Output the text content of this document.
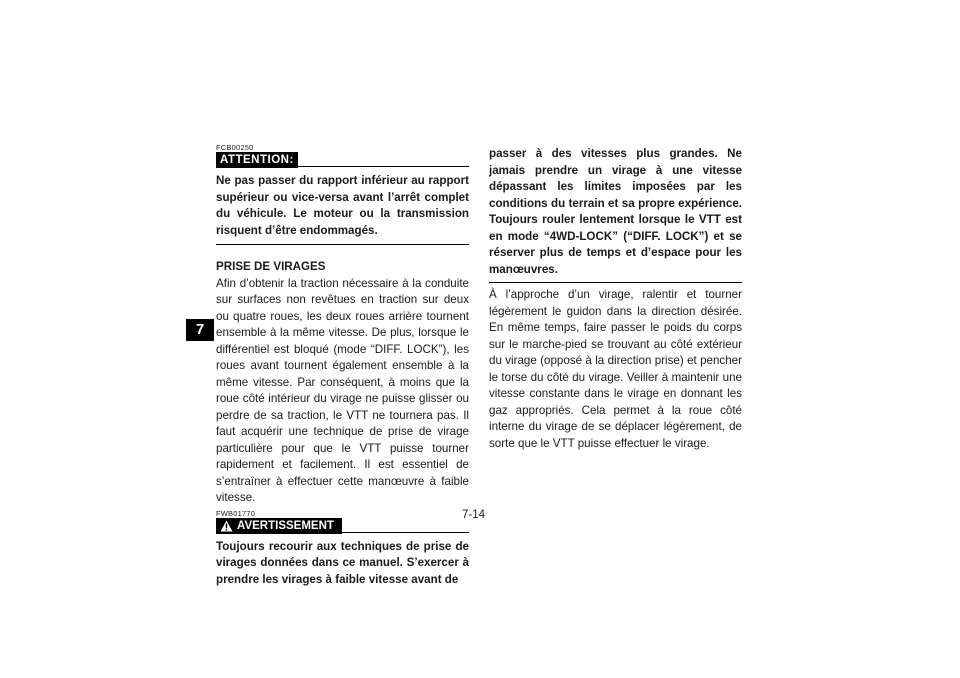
7

FCB00250

ATTENTION:

Ne pas passer du rapport inférieur au rapport supérieur ou vice-versa avant l’arrêt complet du véhicule. Le moteur ou la transmission risquent d’être endommagés.

PRISE DE VIRAGES

Afin d’obtenir la traction nécessaire à la conduite sur surfaces non revêtues en traction sur deux ou quatre roues, les deux roues arrière tournent ensemble à la même vitesse. De plus, lorsque le différentiel est bloqué (mode “DIFF. LOCK”), les roues avant tournent également ensemble à la même vitesse. Par conséquent, à moins que la roue côté intérieur du virage ne puisse glisser ou perdre de sa traction, le VTT ne tournera pas. Il faut acquérir une technique de prise de virage particulière pour que le VTT puisse tourner rapidement et facilement. Il est essentiel de s’entraîner à effectuer cette manœuvre à faible vitesse.

FWB01770

AVERTISSEMENT

Toujours recourir aux techniques de prise de virages données dans ce manuel. S’exercer à prendre les virages à faible vitesse avant de

passer à des vitesses plus grandes. Ne jamais prendre un virage à une vitesse dépassant les limites imposées par les conditions du terrain et sa propre expérience. Toujours rouler lentement lorsque le VTT est en mode “4WD-LOCK” (“DIFF. LOCK”) et se réserver plus de temps et d’espace pour les manœuvres.

À l’approche d’un virage, ralentir et tourner légèrement le guidon dans la direction désirée. En même temps, faire passer le poids du corps sur le marche-pied se trouvant au côté extérieur du virage (opposé à la direction prise) et pencher le torse du côté du virage. Veiller à maintenir une vitesse constante dans le virage en donnant les gaz appropriés. Cela permet à la roue côté interne du virage de se déplacer légèrement, de sorte que le VTT puisse effectuer le virage.

7-14
